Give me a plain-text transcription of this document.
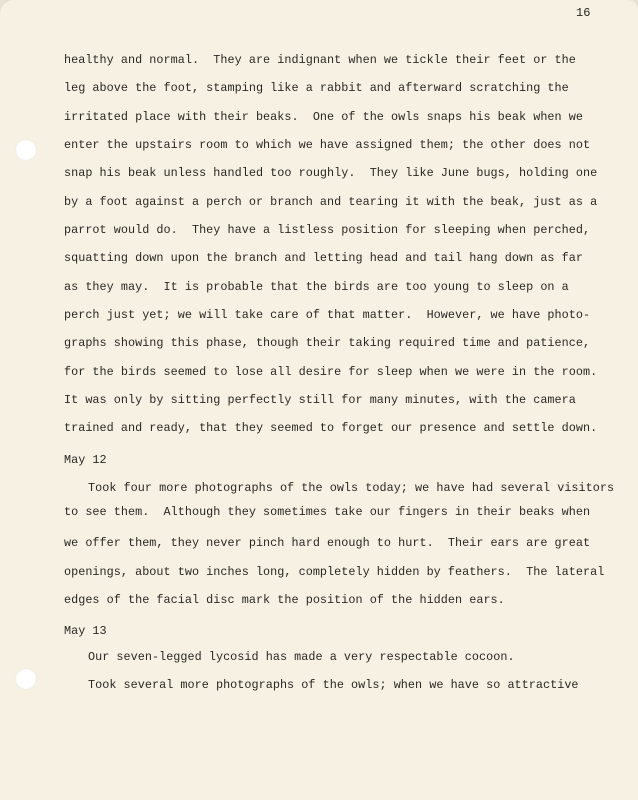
16
healthy and normal.  They are indignant when we tickle their feet or the
leg above the foot, stamping like a rabbit and afterward scratching the
irritated place with their beaks.  One of the owls snaps his beak when we
enter the upstairs room to which we have assigned them; the other does not
snap his beak unless handled too roughly.  They like June bugs, holding one
by a foot against a perch or branch and tearing it with the beak, just as a
parrot would do.  They have a listless position for sleeping when perched,
squatting down upon the branch and letting head and tail hang down as far
as they may.  It is probable that the birds are too young to sleep on a
perch just yet; we will take care of that matter.  However, we have photo-
graphs showing this phase, though their taking required time and patience,
for the birds seemed to lose all desire for sleep when we were in the room.
It was only by sitting perfectly still for many minutes, with the camera
trained and ready, that they seemed to forget our presence and settle down.
May 12
Took four more photographs of the owls today; we have had several visitors
to see them.  Although they sometimes take our fingers in their beaks when
we offer them, they never pinch hard enough to hurt.  Their ears are great
openings, about two inches long, completely hidden by feathers.  The lateral
edges of the facial disc mark the position of the hidden ears.
May 13
Our seven-legged lycosid has made a very respectable cocoon.
Took several more photographs of the owls; when we have so attractive
